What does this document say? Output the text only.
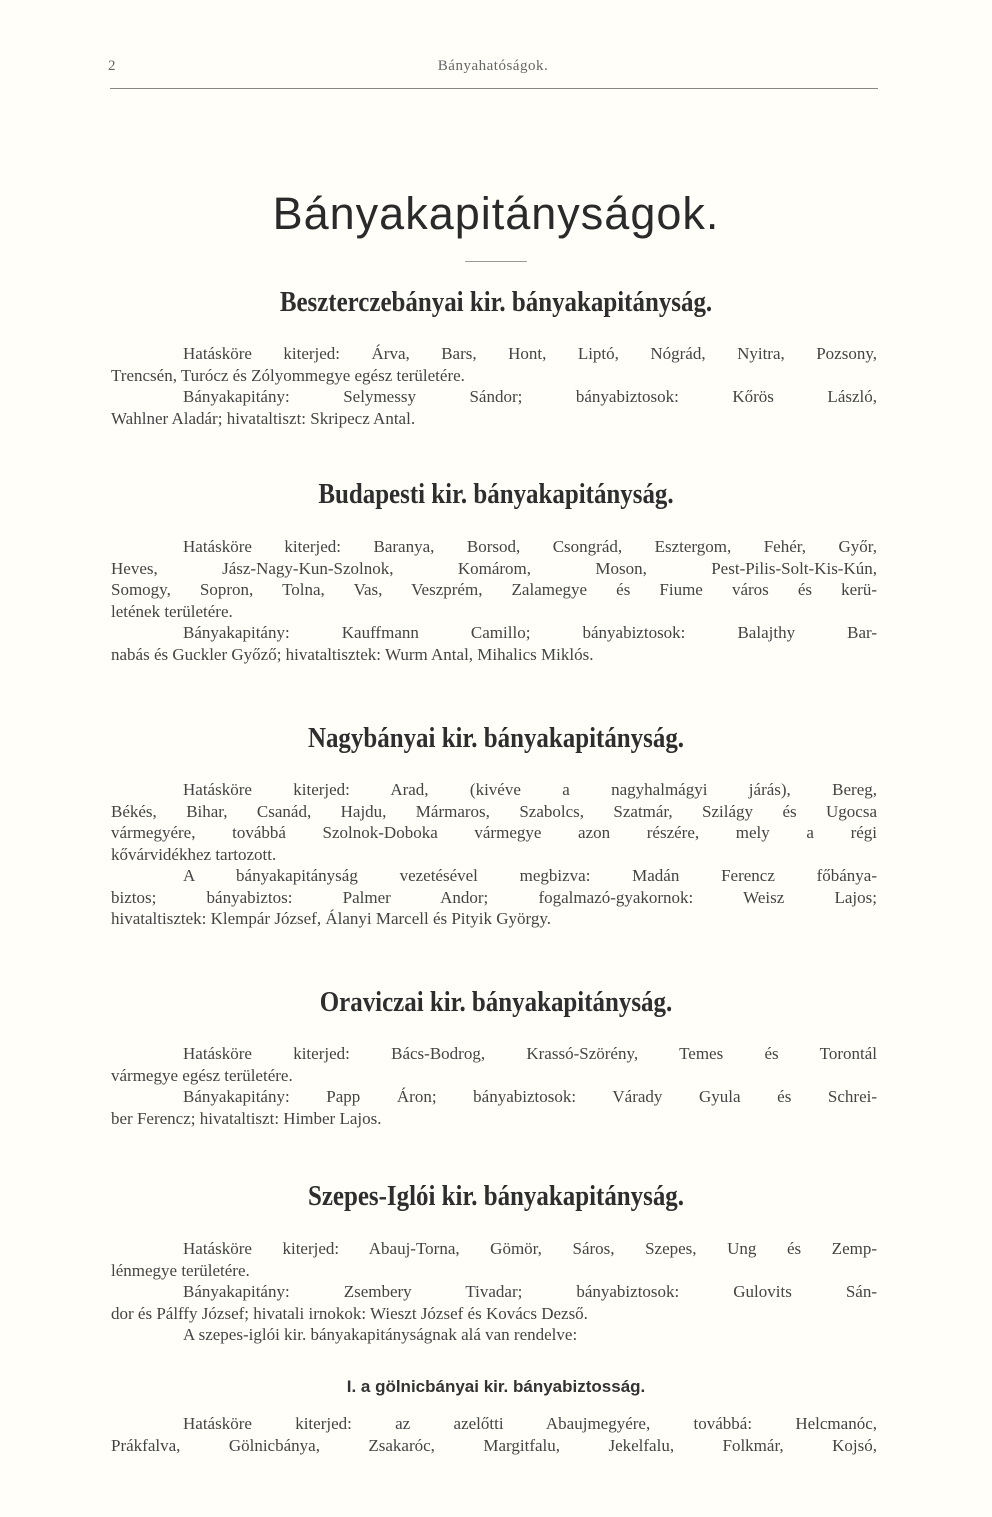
2	Bányahatóságok.
Bányakapitányságok.
Beszterczebányai kir. bányakapitányság.
Hatásköre kiterjed: Árva, Bars, Hont, Liptó, Nógrád, Nyitra, Pozsony,
Trencsén, Turócz és Zólyommegye egész területére.
Bányakapitány: Selymessy Sándor; bányabiztosok: Kőrös László,
Wahlner Aladár; hivataltiszt: Skripecz Antal.
Budapesti kir. bányakapitányság.
Hatásköre kiterjed: Baranya, Borsod, Csongrád, Esztergom, Fehér, Győr,
Heves, Jász-Nagy-Kun-Szolnok, Komárom, Moson, Pest-Pilis-Solt-Kis-Kún,
Somogy, Sopron, Tolna, Vas, Veszprém, Zalamegye és Fiume város és kerü-
letének területére.
Bányakapitány: Kauffmann Camillo; bányabiztosok: Balajthy Bar-
nabás és Guckler Győző; hivataltisztek: Wurm Antal, Mihalics Miklós.
Nagybányai kir. bányakapitányság.
Hatásköre kiterjed: Arad, (kivéve a nagyhalmágyi járás), Bereg,
Békés, Bihar, Csanád, Hajdu, Mármaros, Szabolcs, Szatmár, Szilágy és Ugocsa
vármegyére, továbbá Szolnok-Doboka vármegye azon részére, mely a régi
kővárvidékhez tartozott.
A bányakapitányság vezetésével megbizva: Madán Ferencz főbánya-
biztos; bányabiztos: Palmer Andor; fogalmazó-gyakornok: Weisz Lajos;
hivataltisztek: Klempár József, Álanyi Marcell és Pityik György.
Oraviczai kir. bányakapitányság.
Hatásköre kiterjed: Bács-Bodrog, Krassó-Szörény, Temes és Torontál
vármegye egész területére.
Bányakapitány: Papp Áron; bányabiztosok: Várady Gyula és Schrei-
ber Ferencz; hivataltiszt: Himber Lajos.
Szepes-Iglói kir. bányakapitányság.
Hatásköre kiterjed: Abauj-Torna, Gömör, Sáros, Szepes, Ung és Zemp-
lénmegye területére.
Bányakapitány: Zsembery Tivadar; bányabiztosok: Gulovits Sán-
dor és Pálffy József; hivatali irnokok: Wieszt József és Kovács Dezső.
A szepes-iglói kir. bányakapitányságnak alá van rendelve:
I. a gölnicbányai kir. bányabiztosság.
Hatásköre kiterjed: az azelőtti Abaujmegyére, továbbá: Helcmanóc,
Prákfalva, Gölnicbánya, Zsakaróc, Margitfalu, Jekelfalu, Folkmár, Kojsó,
